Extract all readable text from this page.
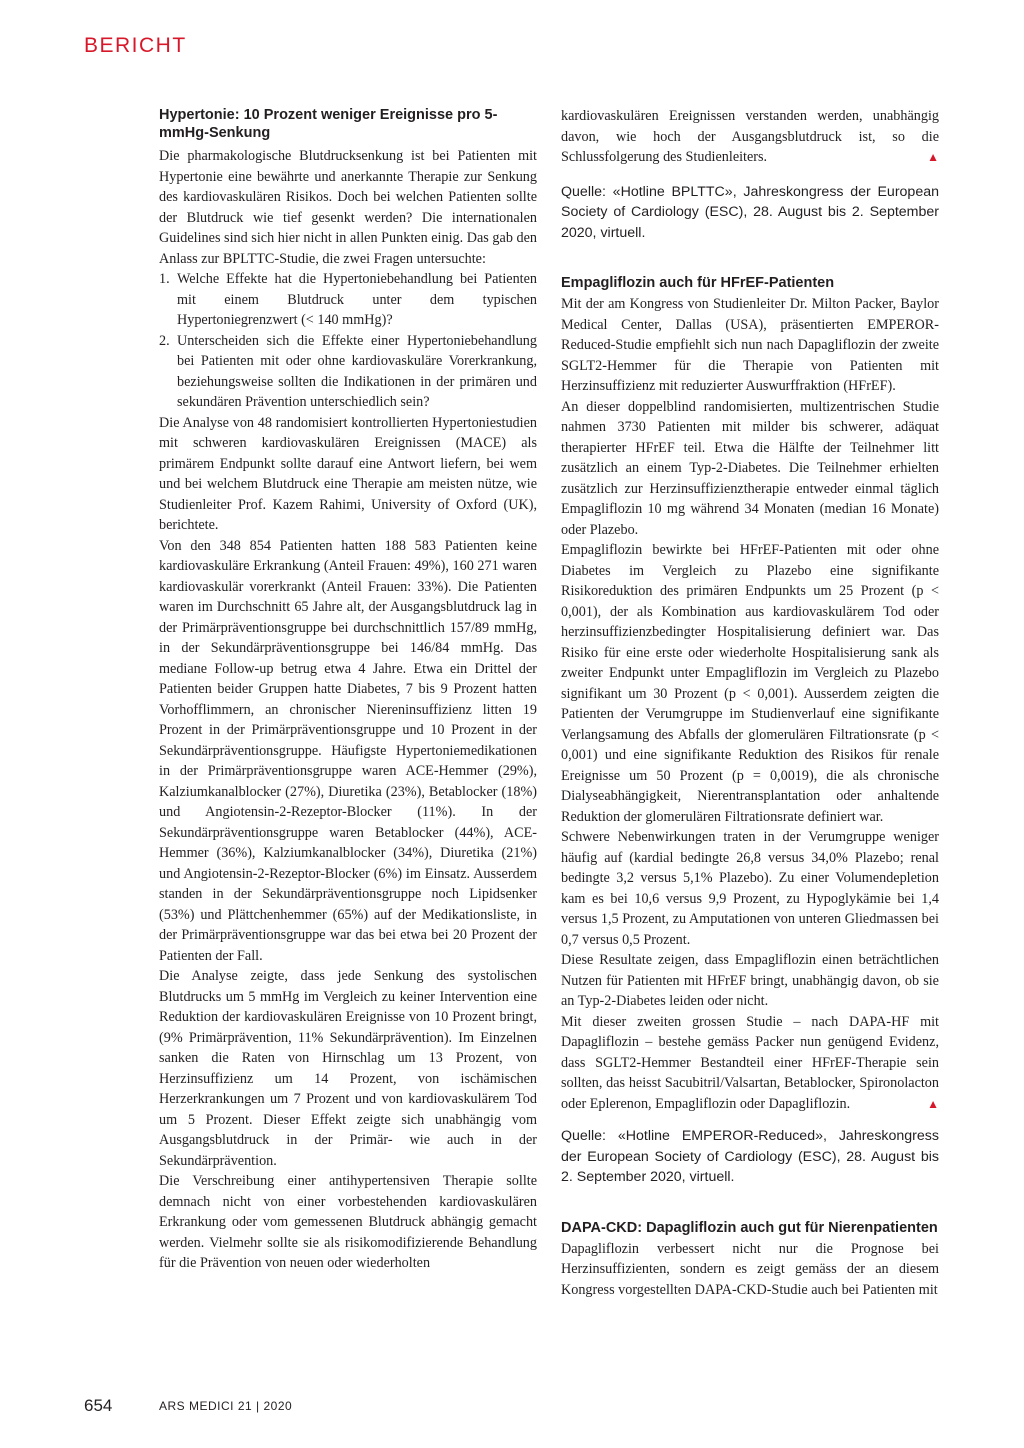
BERICHT
Hypertonie: 10 Prozent weniger Ereignisse pro 5-mmHg-Senkung

Die pharmakologische Blutdrucksenkung ist bei Patienten mit Hypertonie eine bewährte und anerkannte Therapie zur Senkung des kardiovaskulären Risikos. Doch bei welchen Patienten sollte der Blutdruck wie tief gesenkt werden? Die internationalen Guidelines sind sich hier nicht in allen Punkten einig. Das gab den Anlass zur BPLTTC-Studie, die zwei Fragen untersuchte:

1. Welche Effekte hat die Hypertoniebehandlung bei Patienten mit einem Blutdruck unter dem typischen Hypertoniegrenzwert (< 140 mmHg)?
2. Unterscheiden sich die Effekte einer Hypertoniebehandlung bei Patienten mit oder ohne kardiovaskuläre Vorerkrankung, beziehungsweise sollten die Indikationen in der primären und sekundären Prävention unterschiedlich sein?

Die Analyse von 48 randomisiert kontrollierten Hypertoniestudien mit schweren kardiovaskulären Ereignissen (MACE) als primärem Endpunkt sollte darauf eine Antwort liefern, bei wem und bei welchem Blutdruck eine Therapie am meisten nütze, wie Studienleiter Prof. Kazem Rahimi, University of Oxford (UK), berichtete.

Von den 348 854 Patienten hatten 188 583 Patienten keine kardiovaskuläre Erkrankung (Anteil Frauen: 49%), 160 271 waren kardiovaskulär vorerkrankt (Anteil Frauen: 33%). Die Patienten waren im Durchschnitt 65 Jahre alt, der Ausgangsblutdruck lag in der Primärpräventionsgruppe bei durchschnittlich 157/89 mmHg, in der Sekundärpräventionsgruppe bei 146/84 mmHg. Das mediane Follow-up betrug etwa 4 Jahre. Etwa ein Drittel der Patienten beider Gruppen hatte Diabetes, 7 bis 9 Prozent hatten Vorhofflimmern, an chronischer Niereninsuffizienz litten 19 Prozent in der Primärpräventionsgruppe und 10 Prozent in der Sekundärpräventionsgruppe. Häufigste Hypertoniemedikationen in der Primärpräventionsgruppe waren ACE-Hemmer (29%), Kalziumkanalblocker (27%), Diuretika (23%), Betablocker (18%) und Angiotensin-2-Rezeptor-Blocker (11%). In der Sekundärpräventionsgruppe waren Betablocker (44%), ACE-Hemmer (36%), Kalziumkanalblocker (34%), Diuretika (21%) und Angiotensin-2-Rezeptor-Blocker (6%) im Einsatz. Ausserdem standen in der Sekundärpräventionsgruppe noch Lipidsenker (53%) und Plättchenhemmer (65%) auf der Medikationsliste, in der Primärpräventionsgruppe war das bei etwa bei 20 Prozent der Patienten der Fall.

Die Analyse zeigte, dass jede Senkung des systolischen Blutdrucks um 5 mmHg im Vergleich zu keiner Intervention eine Reduktion der kardiovaskulären Ereignisse von 10 Prozent bringt, (9% Primärprävention, 11% Sekundärprävention). Im Einzelnen sanken die Raten von Hirnschlag um 13 Prozent, von Herzinsuffizienz um 14 Prozent, von ischämischen Herzerkrankungen um 7 Prozent und von kardiovaskulärem Tod um 5 Prozent. Dieser Effekt zeigte sich unabhängig vom Ausgangsblutdruck in der Primär- wie auch in der Sekundärprävention.

Die Verschreibung einer antihypertensiven Therapie sollte demnach nicht von einer vorbestehenden kardiovaskulären Erkrankung oder vom gemessenen Blutdruck abhängig gemacht werden. Vielmehr sollte sie als risikomodifizierende Behandlung für die Prävention von neuen oder wiederholten

kardiovaskulären Ereignissen verstanden werden, unabhängig davon, wie hoch der Ausgangsblutdruck ist, so die Schlussfolgerung des Studienleiters.	▲

Quelle: «Hotline BPLTTC», Jahreskongress der European Society of Cardiology (ESC), 28. August bis 2. September 2020, virtuell.

Empagliflozin auch für HFrEF-Patienten

Mit der am Kongress von Studienleiter Dr. Milton Packer, Baylor Medical Center, Dallas (USA), präsentierten EMPEROR-Reduced-Studie empfiehlt sich nun nach Dapagliflozin der zweite SGLT2-Hemmer für die Therapie von Patienten mit Herzinsuffizienz mit reduzierter Auswurffraktion (HFrEF).

An dieser doppelblind randomisierten, multizentrischen Studie nahmen 3730 Patienten mit milder bis schwerer, adäquat therapierter HFrEF teil. Etwa die Hälfte der Teilnehmer litt zusätzlich an einem Typ-2-Diabetes. Die Teilnehmer erhielten zusätzlich zur Herzinsuffizienztherapie entweder einmal täglich Empagliflozin 10 mg während 34 Monaten (median 16 Monate) oder Plazebo.

Empagliflozin bewirkte bei HFrEF-Patienten mit oder ohne Diabetes im Vergleich zu Plazebo eine signifikante Risikoreduktion des primären Endpunkts um 25 Prozent (p < 0,001), der als Kombination aus kardiovaskulärem Tod oder herzinsuffizienzbedingter Hospitalisierung definiert war. Das Risiko für eine erste oder wiederholte Hospitalisierung sank als zweiter Endpunkt unter Empagliflozin im Vergleich zu Plazebo signifikant um 30 Prozent (p < 0,001). Ausserdem zeigten die Patienten der Verumgruppe im Studienverlauf eine signifikante Verlangsamung des Abfalls der glomerulären Filtrationsrate (p < 0,001) und eine signifikante Reduktion des Risikos für renale Ereignisse um 50 Prozent (p = 0,0019), die als chronische Dialyseabhängigkeit, Nierentransplantation oder anhaltende Reduktion der glomerulären Filtrationsrate definiert war.

Schwere Nebenwirkungen traten in der Verumgruppe weniger häufig auf (kardial bedingte 26,8 versus 34,0% Plazebo; renal bedingte 3,2 versus 5,1% Plazebo). Zu einer Volumendepletion kam es bei 10,6 versus 9,9 Prozent, zu Hypoglykämie bei 1,4 versus 1,5 Prozent, zu Amputationen von unteren Gliedmassen bei 0,7 versus 0,5 Prozent.

Diese Resultate zeigen, dass Empagliflozin einen beträchtlichen Nutzen für Patienten mit HFrEF bringt, unabhängig davon, ob sie an Typ-2-Diabetes leiden oder nicht.

Mit dieser zweiten grossen Studie – nach DAPA-HF mit Dapagliflozin – bestehe gemäss Packer nun genügend Evidenz, dass SGLT2-Hemmer Bestandteil einer HFrEF-Therapie sein sollten, das heisst Sacubitril/Valsartan, Betablocker, Spironolacton oder Eplerenon, Empagliflozin oder Dapagliflozin.	▲

Quelle: «Hotline EMPEROR-Reduced», Jahreskongress der European Society of Cardiology (ESC), 28. August bis 2. September 2020, virtuell.

DAPA-CKD: Dapagliflozin auch gut für Nierenpatienten

Dapagliflozin verbessert nicht nur die Prognose bei Herzinsuffizienten, sondern es zeigt gemäss der an diesem Kongress vorgestellten DAPA-CKD-Studie auch bei Patienten mit

654	ARS MEDICI 21 | 2020
